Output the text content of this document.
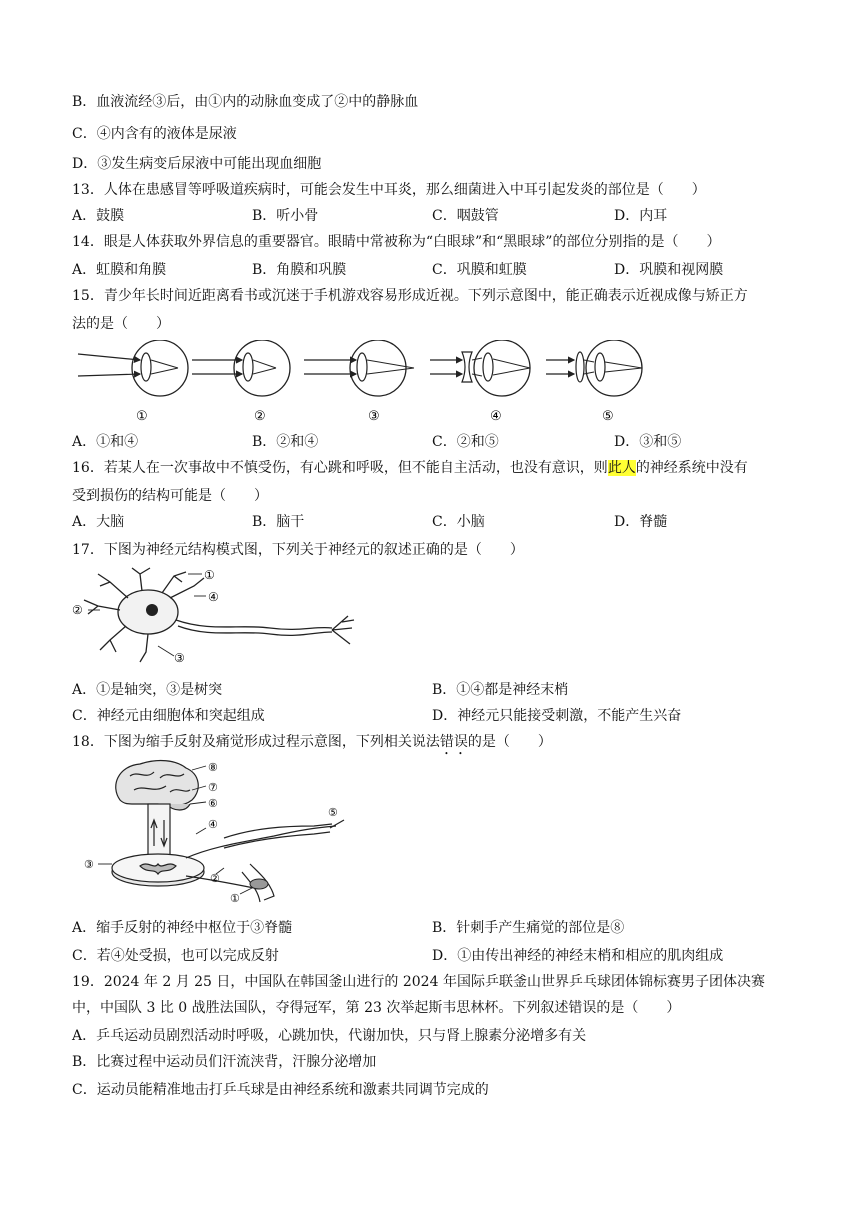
B．血液流经③后，由①内的动脉血变成了②中的静脉血
C．④内含有的液体是尿液
D．③发生病变后尿液中可能出现血细胞
13．人体在患感冒等呼吸道疾病时，可能会发生中耳炎，那么细菌进入中耳引起发炎的部位是（　　）
A．鼓膜	B．听小骨	C．咽鼓管	D．内耳
14．眼是人体获取外界信息的重要器官。眼睛中常被称为“白眼球”和“黑眼球”的部位分别指的是（　　）
A．虹膜和角膜	B．角膜和巩膜	C．巩膜和虹膜	D．巩膜和视网膜
15．青少年长时间近距离看书或沉迷于手机游戏容易形成近视。下列示意图中，能正确表示近视成像与矫正方
法的是（　　）
①	②	③	④	⑤
A．①和④	B．②和④	C．②和⑤	D．③和⑤
16．若某人在一次事故中不慎受伤，有心跳和呼吸，但不能自主活动，也没有意识，则此人的神经系统中没有
受到损伤的结构可能是（　　）
A．大脑	B．脑干	C．小脑	D．脊髓
17．下图为神经元结构模式图，下列关于神经元的叙述正确的是（　　）
①
②
③
④
A．①是轴突，③是树突	B．①④都是神经末梢
C．神经元由细胞体和突起组成	D．神经元只能接受刺激，不能产生兴奋
18．下图为缩手反射及痛觉形成过程示意图，下列相关说法错误的是（　　）
⑧
⑦
⑥
④
⑤
③
②
①
A．缩手反射的神经中枢位于③脊髓	B．针刺手产生痛觉的部位是⑧
C．若④处受损，也可以完成反射	D．①由传出神经的神经末梢和相应的肌肉组成
19．2024 年 2 月 25 日，中国队在韩国釜山进行的 2024 年国际乒联釜山世界乒乓球团体锦标赛男子团体决赛
中，中国队 3 比 0 战胜法国队，夺得冠军，第 23 次举起斯韦思林杯。下列叙述错误的是（　　）
A．乒乓运动员剧烈活动时呼吸，心跳加快，代谢加快，只与肾上腺素分泌增多有关
B．比赛过程中运动员们汗流浃背，汗腺分泌增加
C．运动员能精准地击打乒乓球是由神经系统和激素共同调节完成的
